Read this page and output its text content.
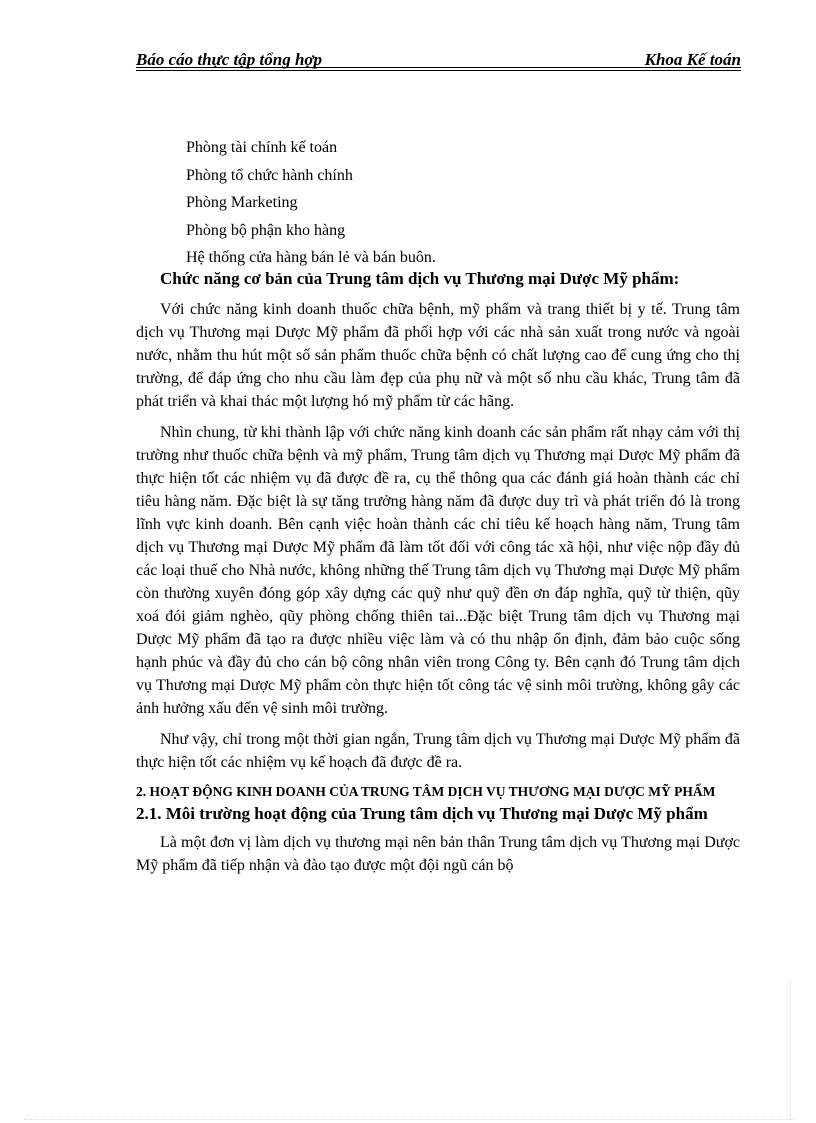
Báo cáo thực tập tổng hợp	Khoa Kế toán
Phòng tài chính kế toán
Phòng tổ chức hành chính
Phòng Marketing
Phòng bộ phận kho hàng
Hệ thống cửa hàng bán lẻ và bán buôn.

Chức năng cơ bản của Trung tâm dịch vụ Thương mại Dược Mỹ phẩm:

Với chức năng kinh doanh thuốc chữa bệnh, mỹ phẩm và trang thiết bị y tế. Trung tâm dịch vụ Thương mại Dược Mỹ phẩm đã phối hợp với các nhà sản xuất trong nước và ngoài nước, nhằm thu hút một số sản phẩm thuốc chữa bệnh có chất lượng cao để cung ứng cho thị trường, để đáp ứng cho nhu cầu làm đẹp của phụ nữ và một số nhu cầu khác, Trung tâm đã phát triển và khai thác một lượng hó mỹ phẩm từ các hãng.

Nhìn chung, từ khi thành lập với chức năng kinh doanh các sản phẩm rất nhạy cảm với thị trường như thuốc chữa bệnh và mỹ phẩm, Trung tâm dịch vụ Thương mại Dược Mỹ phẩm đã thực hiện tốt các nhiệm vụ đã được đề ra, cụ thể thông qua các đánh giá hoàn thành các chỉ tiêu hàng năm. Đặc biệt là sự tăng trưởng hàng năm đã được duy trì và phát triển đó là trong lĩnh vực kinh doanh. Bên cạnh việc hoàn thành các chỉ tiêu kế hoạch hàng năm, Trung tâm dịch vụ Thương mại Dược Mỹ phẩm đã làm tốt đối với công tác xã hội, như việc nộp đầy đủ các loại thuế cho Nhà nước, không những thế Trung tâm dịch vụ Thương mại Dược Mỹ phẩm còn thường xuyên đóng góp xây dựng các quỹ như quỹ đền ơn đáp nghĩa, quỹ từ thiện, qũy xoá đói giảm nghèo, qũy phòng chống thiên tai...Đặc biệt Trung tâm dịch vụ Thương mại Dược Mỹ phẩm đã tạo ra được nhiều việc làm và có thu nhập ổn định, đảm bảo cuộc sống hạnh phúc và đầy đủ cho cán bộ công nhân viên trong Công ty. Bên cạnh đó Trung tâm dịch vụ Thương mại Dược Mỹ phẩm còn thực hiện tốt công tác vệ sinh môi trường, không gây các ảnh hưởng xấu đến vệ sinh môi trường.

Như vậy, chỉ trong một thời gian ngắn, Trung tâm dịch vụ Thương mại Dược Mỹ phẩm đã thực hiện tốt các nhiệm vụ kế hoạch đã được đề ra.

2. HOẠT ĐỘNG KINH DOANH CỦA TRUNG TÂM DỊCH VỤ THƯƠNG MẠI DƯỢC MỸ PHẨM
2.1. Môi trường hoạt động của Trung tâm dịch vụ Thương mại Dược Mỹ phẩm

Là một đơn vị làm dịch vụ thương mại nên bản thân Trung tâm dịch vụ Thương mại Dược Mỹ phẩm đã tiếp nhận và đào tạo được một đội ngũ cán bộ
